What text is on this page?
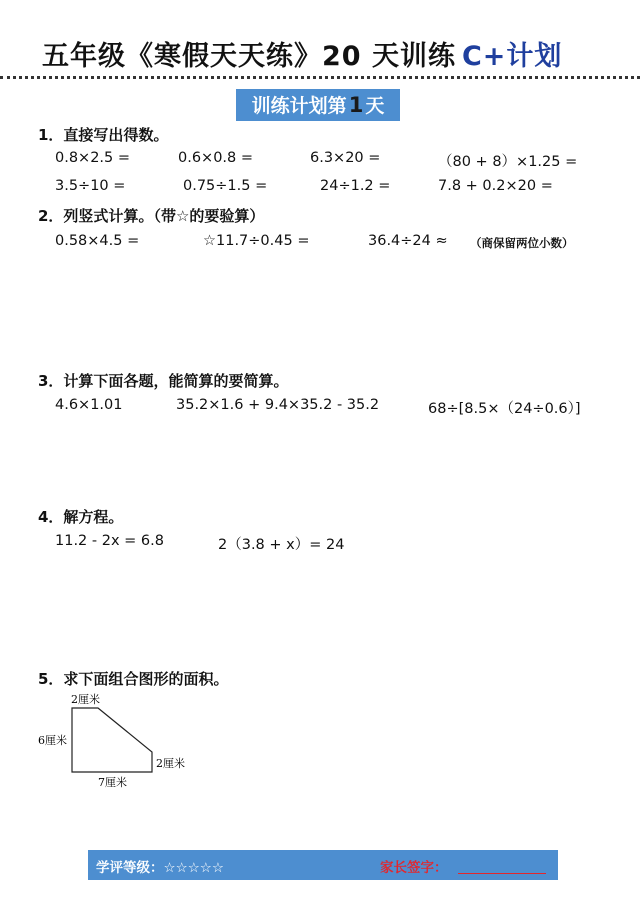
五年级《寒假天天练》20 天训练 C+计划
训练计划第1 天
1．直接写出得数。
0.8×2.5 =	0.6×0.8 =	6.3×20 =	（80 + 8）×1.25 =
3.5÷10 =	0.75÷1.5 =	24÷1.2 =	7.8 + 0.2×20 =
2．列竖式计算。（带☆的要验算）
0.58×4.5 =	☆11.7÷0.45 =	36.4÷24 ≈ （商保留两位小数）
3．计算下面各题，能简算的要简算。
4.6×1.01	35.2×1.6 + 9.4×35.2 - 35.2	68÷[8.5×（24÷0.6）]
4．解方程。
11.2 - 2x = 6.8	2（3.8 + x）= 24
5．求下面组合图形的面积。
2厘米
6厘米
2厘米
7厘米
学评等级：☆☆☆☆☆	家长签字：
